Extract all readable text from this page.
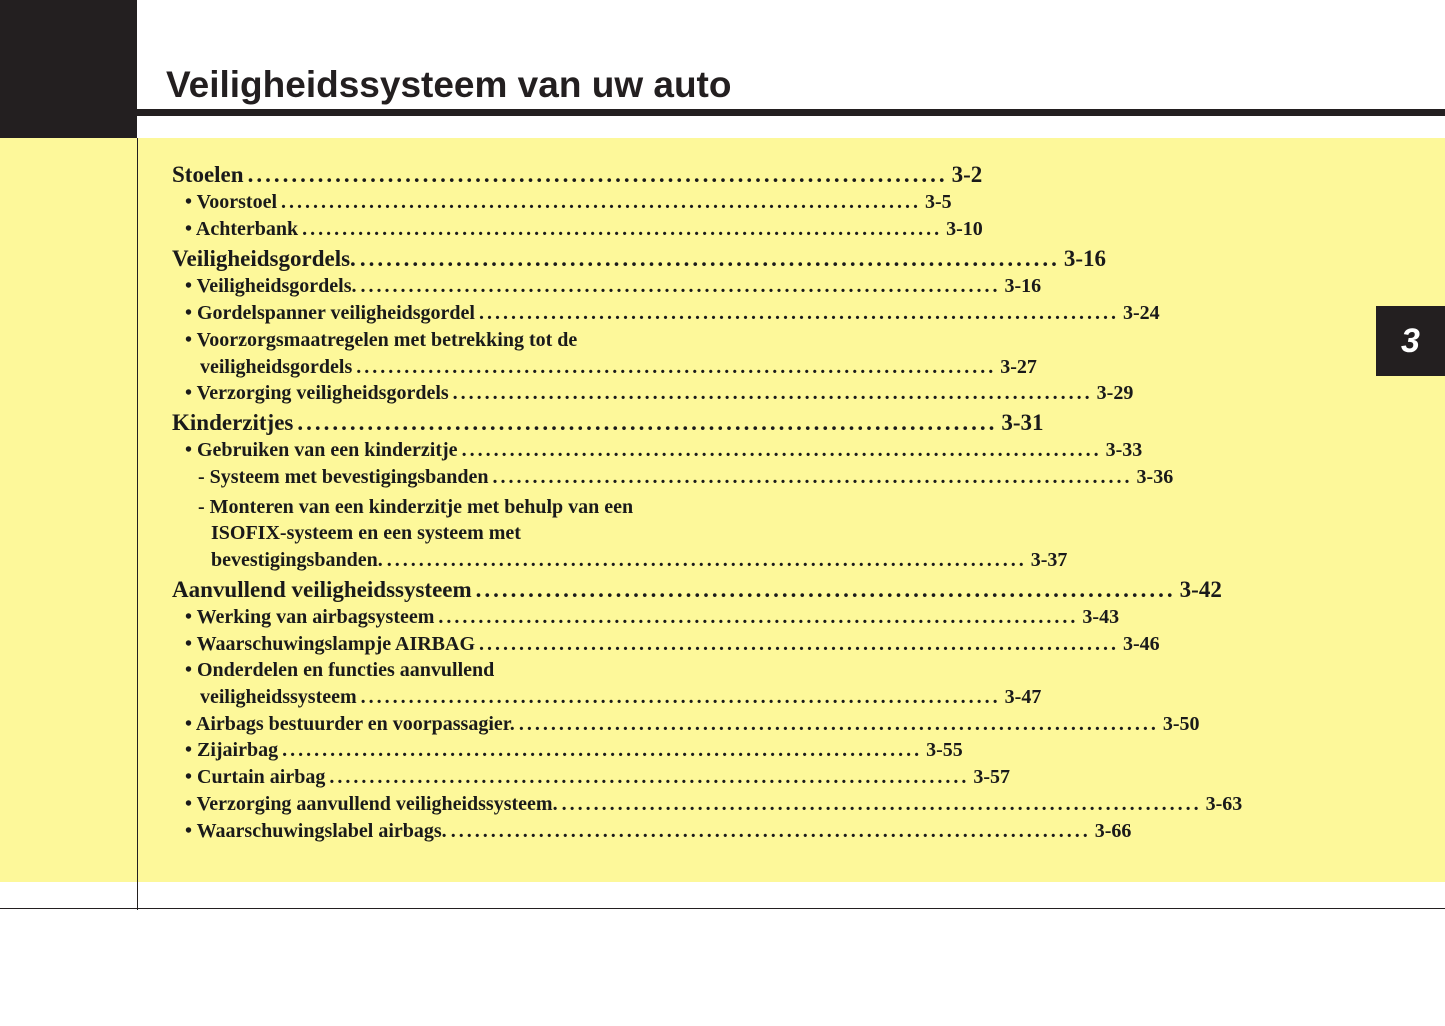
Veiligheidssysteem van uw auto
3
Stoelen ................................................................................ 3-2
• Voorstoel ................................................................................ 3-5
• Achterbank ................................................................................ 3-10
Veiligheidsgordels. ................................................................................ 3-16
• Veiligheidsgordels. ................................................................................ 3-16
• Gordelspanner veiligheidsgordel ................................................................................ 3-24
• Voorzorgsmaatregelen met betrekking tot de
veiligheidsgordels ................................................................................ 3-27
• Verzorging veiligheidsgordels ................................................................................ 3-29
Kinderzitjes ................................................................................ 3-31
• Gebruiken van een kinderzitje ................................................................................ 3-33
- Systeem met bevestigingsbanden ................................................................................ 3-36
- Monteren van een kinderzitje met behulp van een
ISOFIX-systeem en een systeem met
bevestigingsbanden. ................................................................................ 3-37
Aanvullend veiligheidssysteem ................................................................................ 3-42
• Werking van airbagsysteem ................................................................................ 3-43
• Waarschuwingslampje AIRBAG ................................................................................ 3-46
• Onderdelen en functies aanvullend
veiligheidssysteem ................................................................................ 3-47
• Airbags bestuurder en voorpassagier. ................................................................................ 3-50
• Zijairbag ................................................................................ 3-55
• Curtain airbag ................................................................................ 3-57
• Verzorging aanvullend veiligheidssysteem. ................................................................................ 3-63
• Waarschuwingslabel airbags. ................................................................................ 3-66
